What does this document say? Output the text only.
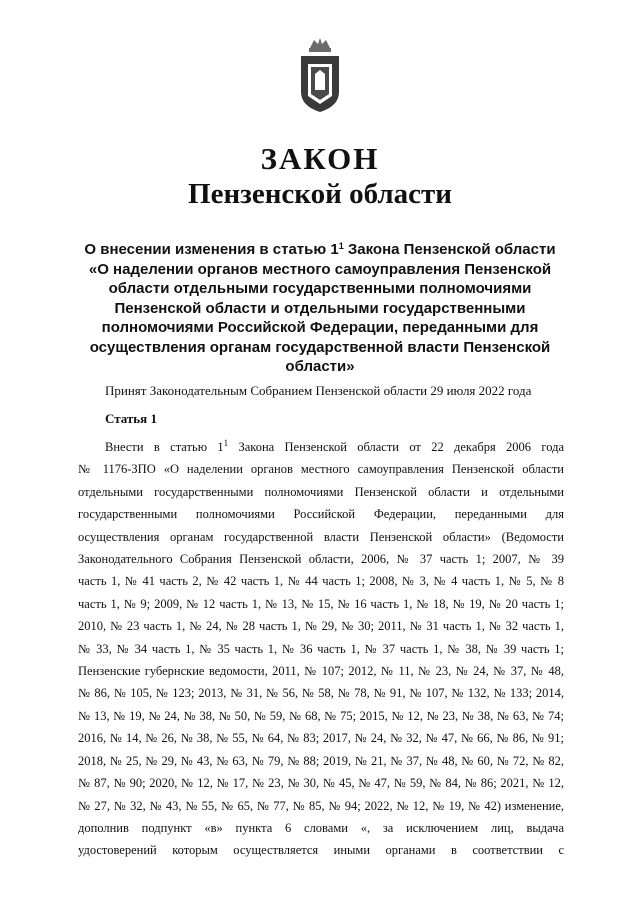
ЗАКОН
Пензенской области
О внесении изменения в статью $1^1$ Закона Пензенской области «О наделении органов местного самоуправления Пензенской области отдельными государственными полномочиями Пензенской области и отдельными государственными полномочиями Российской Федерации, переданными для осуществления органам государственной власти Пензенской области»
Принят Законодательным Собранием Пензенской области 29 июля 2022 года
Статья 1
Внести в статью $1^1$ Закона Пензенской области от 22 декабря 2006 года
№ 1176-ЗПО «О наделении органов местного самоуправления Пензенской области
отдельными государственными полномочиями Пензенской области и отдельными
государственными полномочиями Российской Федерации, переданными для
осуществления органам государственной власти Пензенской области» (Ведомости
Законодательного Собрания Пензенской области, 2006, № 37 часть 1; 2007, № 39
часть 1, № 41 часть 2, № 42 часть 1, № 44 часть 1; 2008, № 3, № 4 часть 1, № 5, № 8
часть 1, № 9; 2009, № 12 часть 1, № 13, № 15, № 16 часть 1, № 18, № 19, № 20 часть 1;
2010, № 23 часть 1, № 24, № 28 часть 1, № 29, № 30; 2011, № 31 часть 1, № 32 часть 1,
№ 33, № 34 часть 1, № 35 часть 1, № 36 часть 1, № 37 часть 1, № 38, № 39 часть 1;
Пензенские губернские ведомости, 2011, № 107; 2012, № 11, № 23, № 24, № 37, № 48,
№ 86, № 105, № 123; 2013, № 31, № 56, № 58, № 78, № 91, № 107, № 132, № 133; 2014,
№ 13, № 19, № 24, № 38, № 50, № 59, № 68, № 75; 2015, № 12, № 23, № 38, № 63, № 74;
2016, № 14, № 26, № 38, № 55, № 64, № 83; 2017, № 24, № 32, № 47, № 66, № 86, № 91;
2018, № 25, № 29, № 43, № 63, № 79, № 88; 2019, № 21, № 37, № 48, № 60, № 72, № 82,
№ 87, № 90; 2020, № 12, № 17, № 23, № 30, № 45, № 47, № 59, № 84, № 86; 2021, № 12,
№ 27, № 32, № 43, № 55, № 65, № 77, № 85, № 94; 2022, № 12, № 19, № 42) изменение,
дополнив подпункт «в» пункта 6 словами «, за исключением лиц, выдача
удостоверений которым осуществляется иными органами в соответствии с
